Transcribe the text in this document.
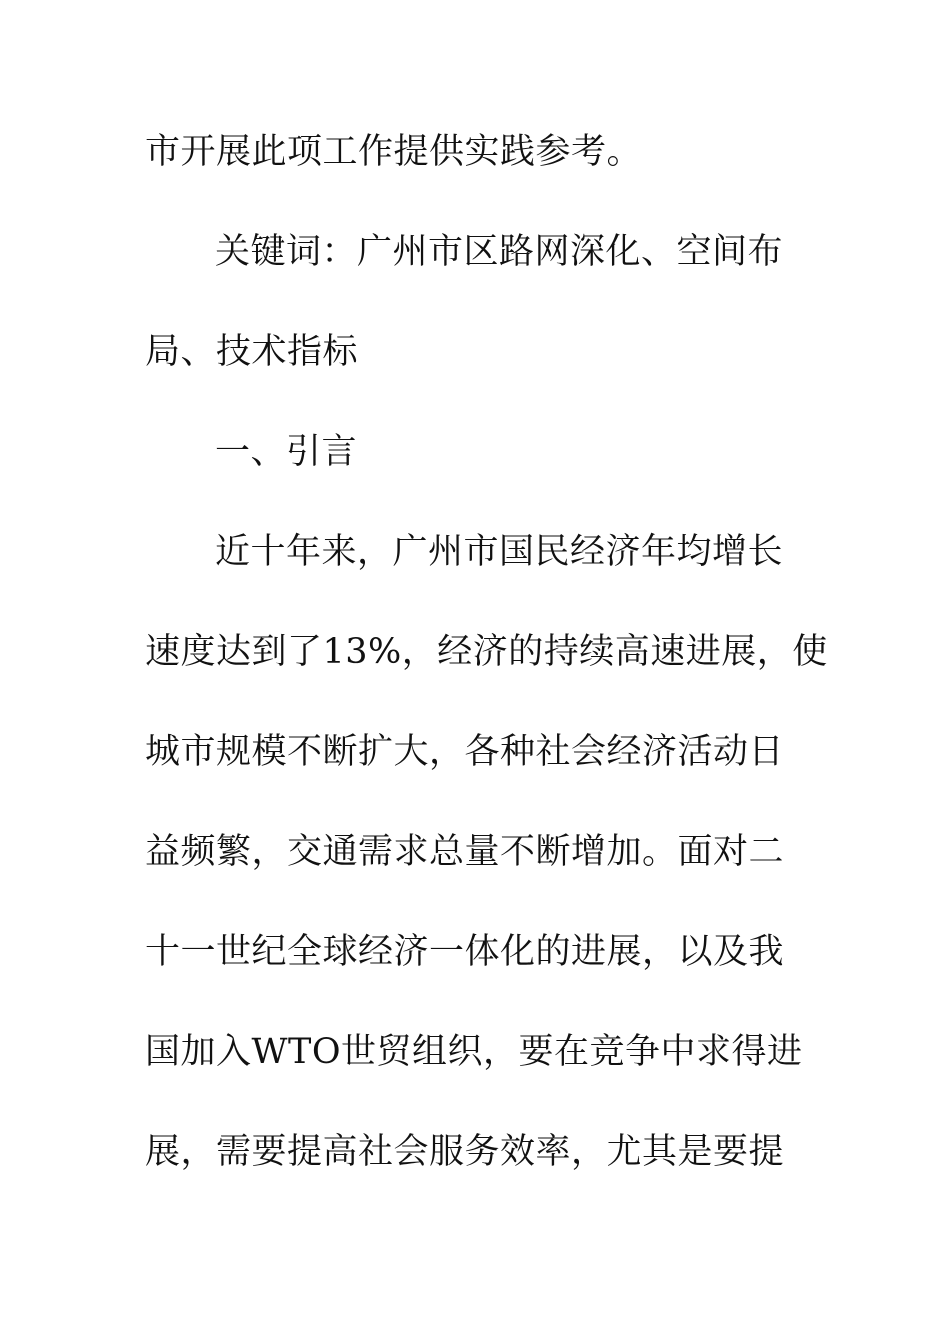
市开展此项工作提供实践参考。
关键词：广州市区路网深化、空间布
局、技术指标
一、引言
近十年来，广州市国民经济年均增长
速度达到了13%，经济的持续高速进展，使
城市规模不断扩大，各种社会经济活动日
益频繁，交通需求总量不断增加。面对二
十一世纪全球经济一体化的进展，以及我
国加入WTO世贸组织，要在竞争中求得进
展，需要提高社会服务效率，尤其是要提
